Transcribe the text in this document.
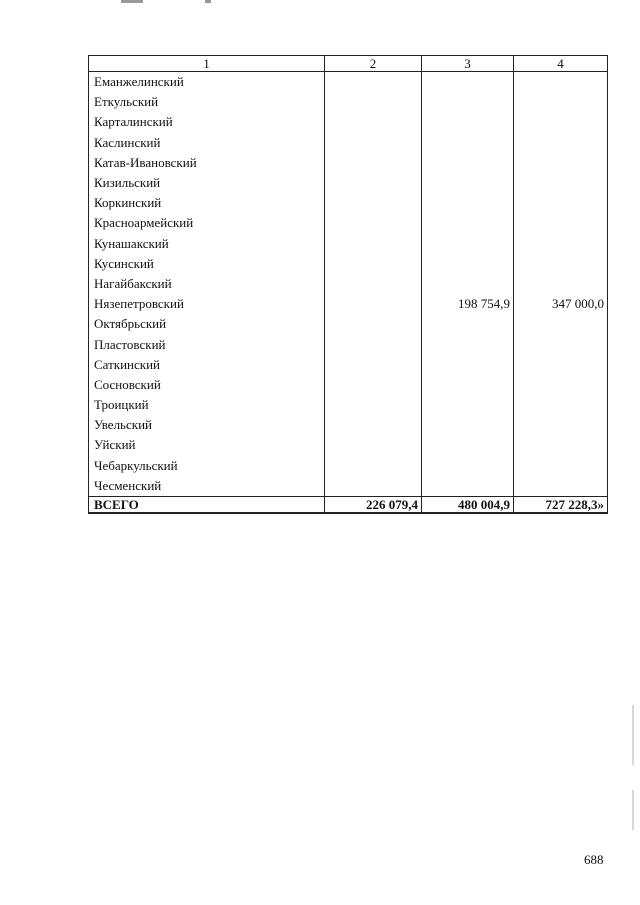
1	2	3	4
Еманжелинский			
Еткульский			
Карталинский			
Каслинский			
Катав-Ивановский			
Кизильский			
Коркинский			
Красноармейский			
Кунашакский			
Кусинский			
Нагайбакский			
Нязепетровский		198 754,9	347 000,0
Октябрьский			
Пластовский			
Саткинский			
Сосновский			
Троицкий			
Увельский			
Уйский			
Чебаркульский			
Чесменский			
ВСЕГО	226 079,4	480 004,9	727 228,3»
688
